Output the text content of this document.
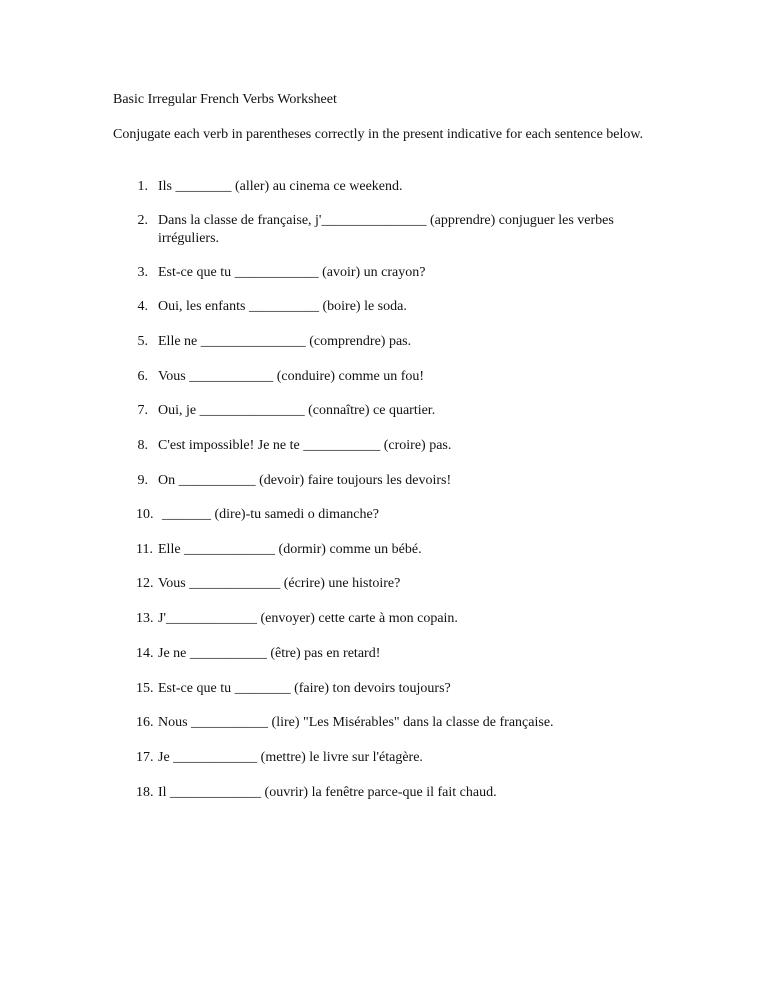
Basic Irregular French Verbs Worksheet

Conjugate each verb in parentheses correctly in the present indicative for each sentence below.

1. Ils ________ (aller) au cinema ce weekend.
2. Dans la classe de française, j'_______________ (apprendre) conjuguer les verbes irréguliers.
3. Est-ce que tu ____________ (avoir) un crayon?
4. Oui, les enfants __________ (boire) le soda.
5. Elle ne _______________ (comprendre) pas.
6. Vous ____________ (conduire) comme un fou!
7. Oui, je _______________ (connaître) ce quartier.
8. C'est impossible! Je ne te ___________ (croire) pas.
9. On ___________ (devoir) faire toujours les devoirs!
10. _______ (dire)-tu samedi o dimanche?
11. Elle _____________ (dormir) comme un bébé.
12. Vous _____________ (écrire) une histoire?
13. J'_____________ (envoyer) cette carte à mon copain.
14. Je ne ___________ (être) pas en retard!
15. Est-ce que tu ________ (faire) ton devoirs toujours?
16. Nous ___________ (lire) "Les Misérables" dans la classe de française.
17. Je ____________ (mettre) le livre sur l'étagère.
18. Il _____________ (ouvrir) la fenêtre parce-que il fait chaud.
